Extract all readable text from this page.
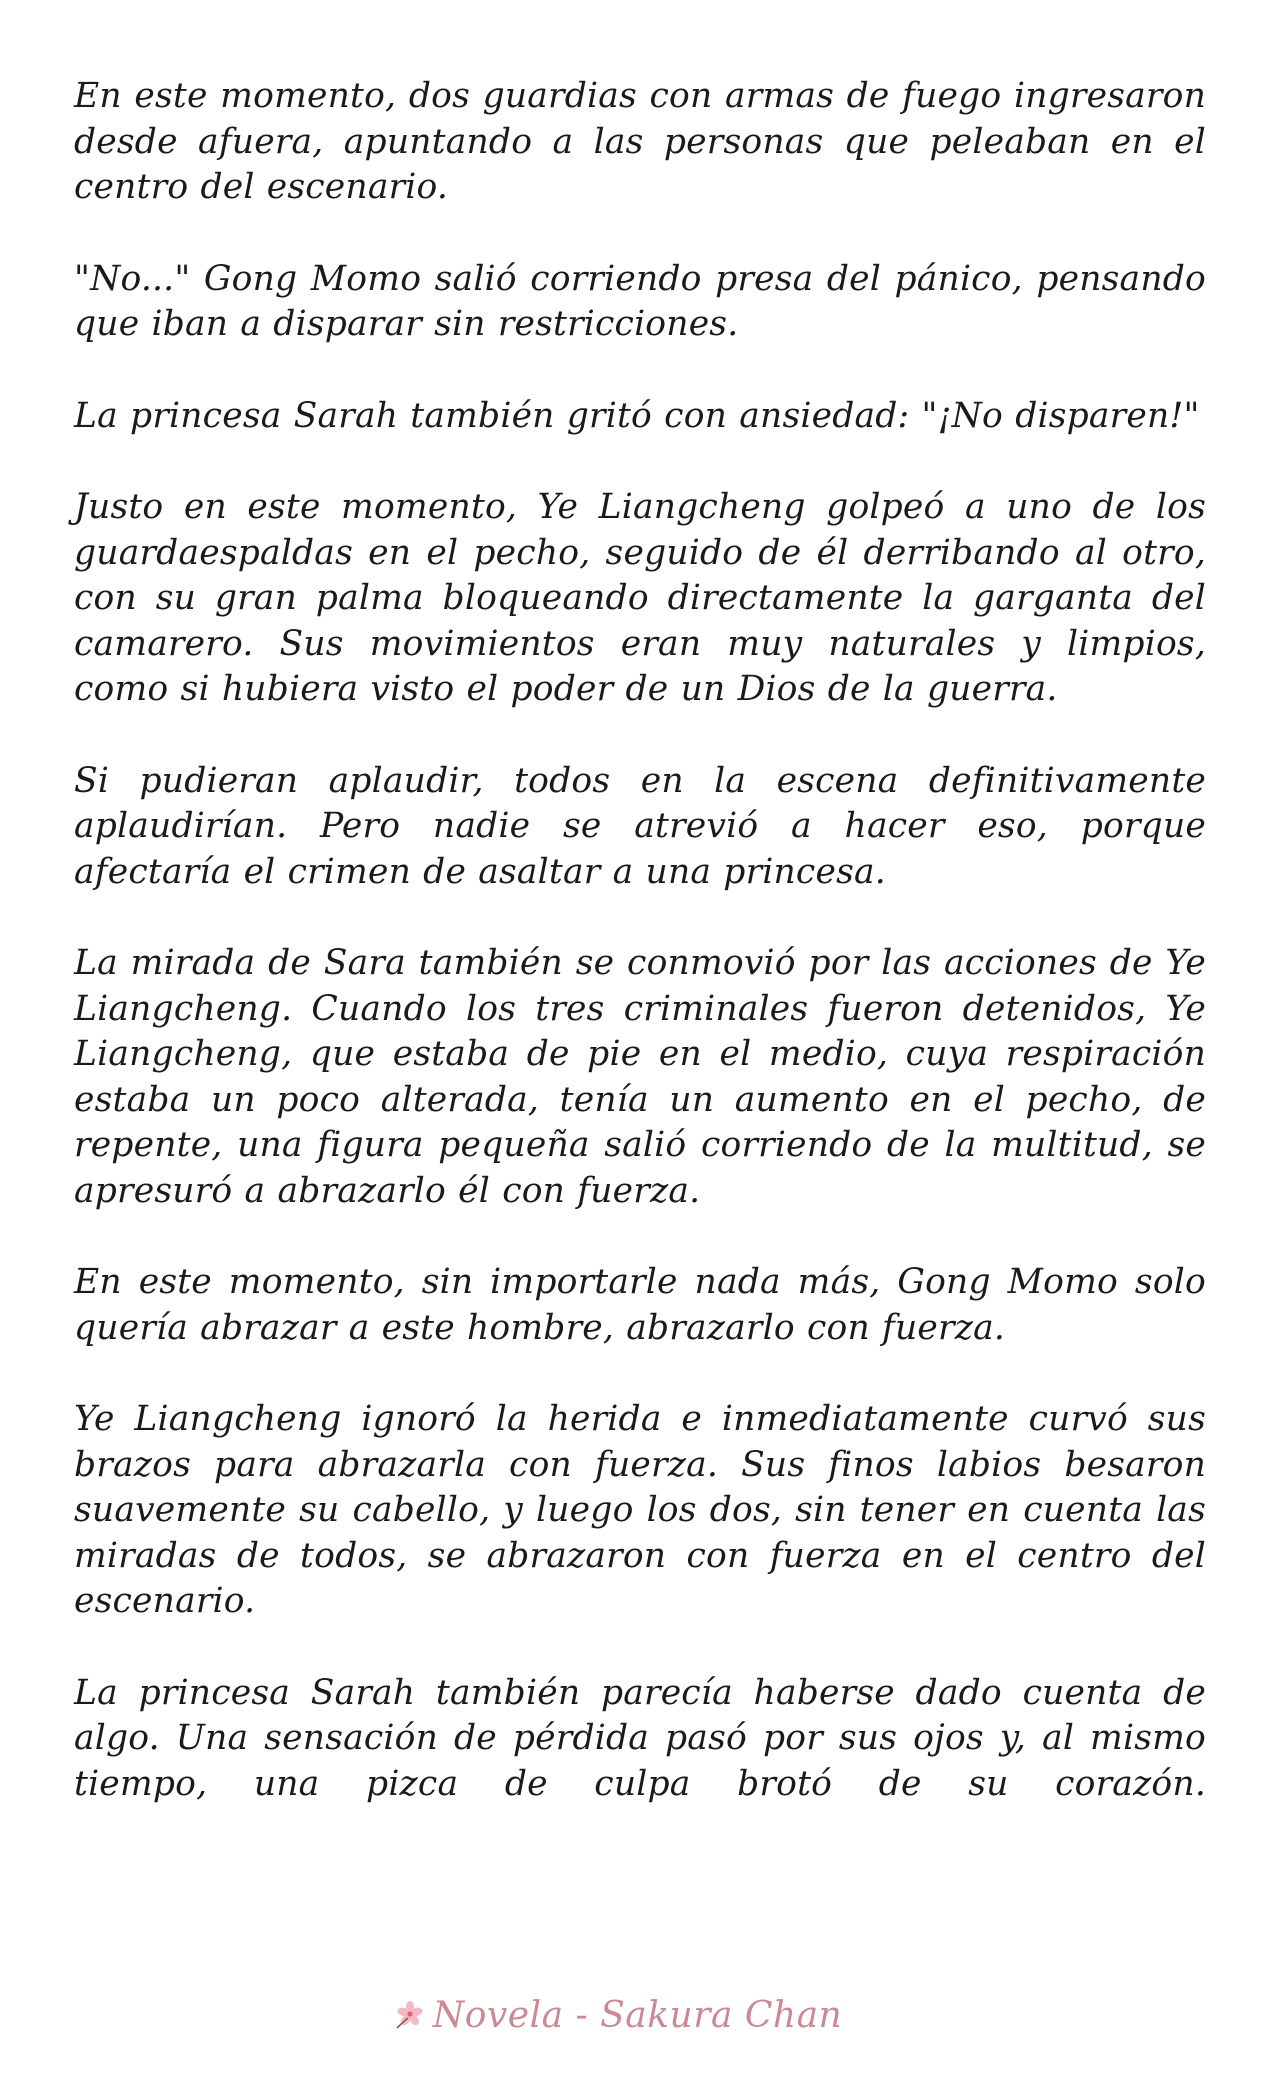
En este momento, dos guardias con armas de fuego ingresaron desde afuera, apuntando a las personas que peleaban en el centro del escenario.

"No..." Gong Momo salió corriendo presa del pánico, pensando que iban a disparar sin restricciones.

La princesa Sarah también gritó con ansiedad: "¡No disparen!"

Justo en este momento, Ye Liangcheng golpeó a uno de los guardaespaldas en el pecho, seguido de él derribando al otro, con su gran palma bloqueando directamente la garganta del camarero. Sus movimientos eran muy naturales y limpios, como si hubiera visto el poder de un Dios de la guerra.

Si pudieran aplaudir, todos en la escena definitivamente aplaudirían. Pero nadie se atrevió a hacer eso, porque afectaría el crimen de asaltar a una princesa.

La mirada de Sara también se conmovió por las acciones de Ye Liangcheng. Cuando los tres criminales fueron detenidos, Ye Liangcheng, que estaba de pie en el medio, cuya respiración estaba un poco alterada, tenía un aumento en el pecho, de repente, una figura pequeña salió corriendo de la multitud, se apresuró a abrazarlo él con fuerza.

En este momento, sin importarle nada más, Gong Momo solo quería abrazar a este hombre, abrazarlo con fuerza.

Ye Liangcheng ignoró la herida e inmediatamente curvó sus brazos para abrazarla con fuerza. Sus finos labios besaron suavemente su cabello, y luego los dos, sin tener en cuenta las miradas de todos, se abrazaron con fuerza en el centro del escenario.

La princesa Sarah también parecía haberse dado cuenta de algo. Una sensación de pérdida pasó por sus ojos y, al mismo tiempo, una pizca de culpa brotó de su corazón.

Novela - Sakura Chan
